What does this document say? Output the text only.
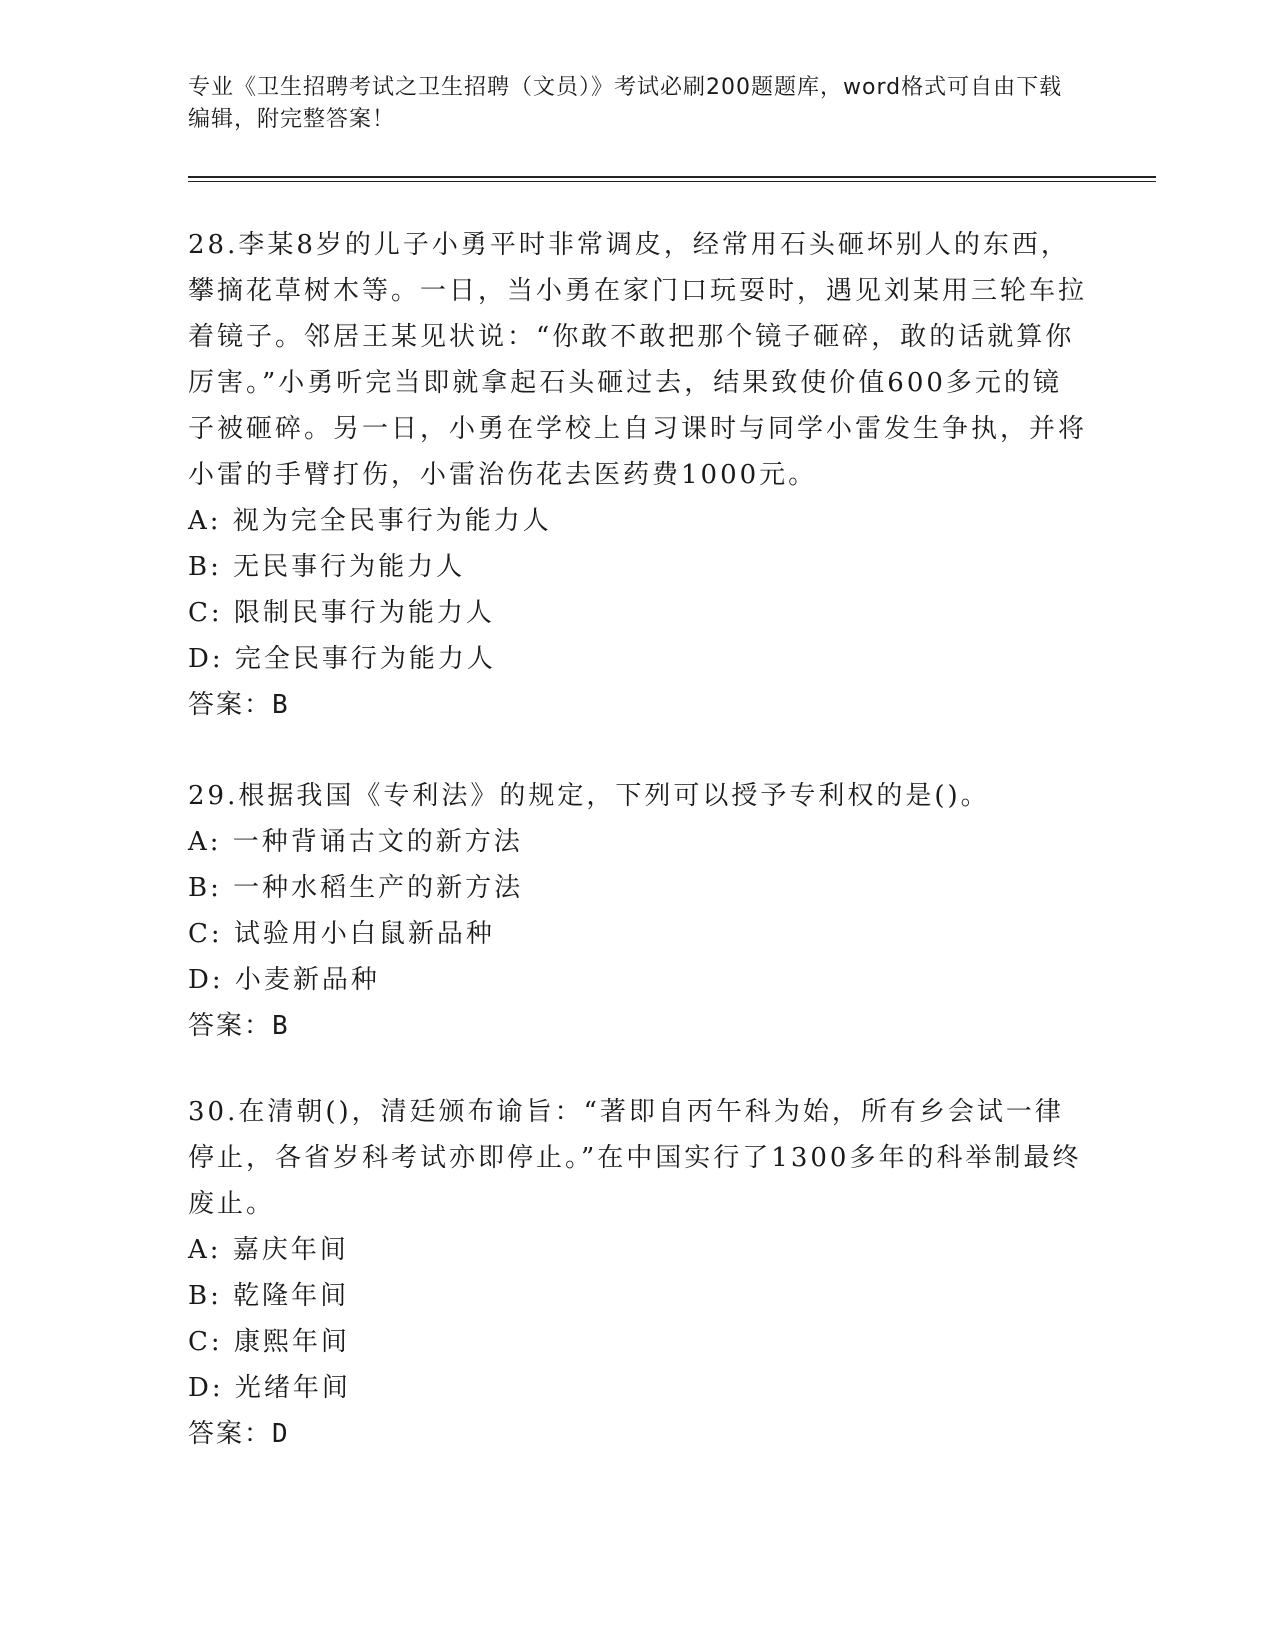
专业《卫生招聘考试之卫生招聘（文员）》考试必刷200题题库，word格式可自由下载编辑，附完整答案！

28.李某8岁的儿子小勇平时非常调皮，经常用石头砸坏别人的东西，攀摘花草树木等。一日，当小勇在家门口玩耍时，遇见刘某用三轮车拉着镜子。邻居王某见状说：“你敢不敢把那个镜子砸碎，敢的话就算你厉害。”小勇听完当即就拿起石头砸过去，结果致使价值600多元的镜子被砸碎。另一日，小勇在学校上自习课时与同学小雷发生争执，并将小雷的手臂打伤，小雷治伤花去医药费1000元。

A: 视为完全民事行为能力人

B: 无民事行为能力人

C: 限制民事行为能力人

D: 完全民事行为能力人

答案：B

29.根据我国《专利法》的规定，下列可以授予专利权的是()。

A: 一种背诵古文的新方法

B: 一种水稻生产的新方法

C: 试验用小白鼠新品种

D: 小麦新品种

答案：B

30.在清朝()，清廷颁布谕旨：“著即自丙午科为始，所有乡会试一律停止，各省岁科考试亦即停止。”在中国实行了1300多年的科举制最终废止。

A: 嘉庆年间

B: 乾隆年间

C: 康熙年间

D: 光绪年间

答案：D
